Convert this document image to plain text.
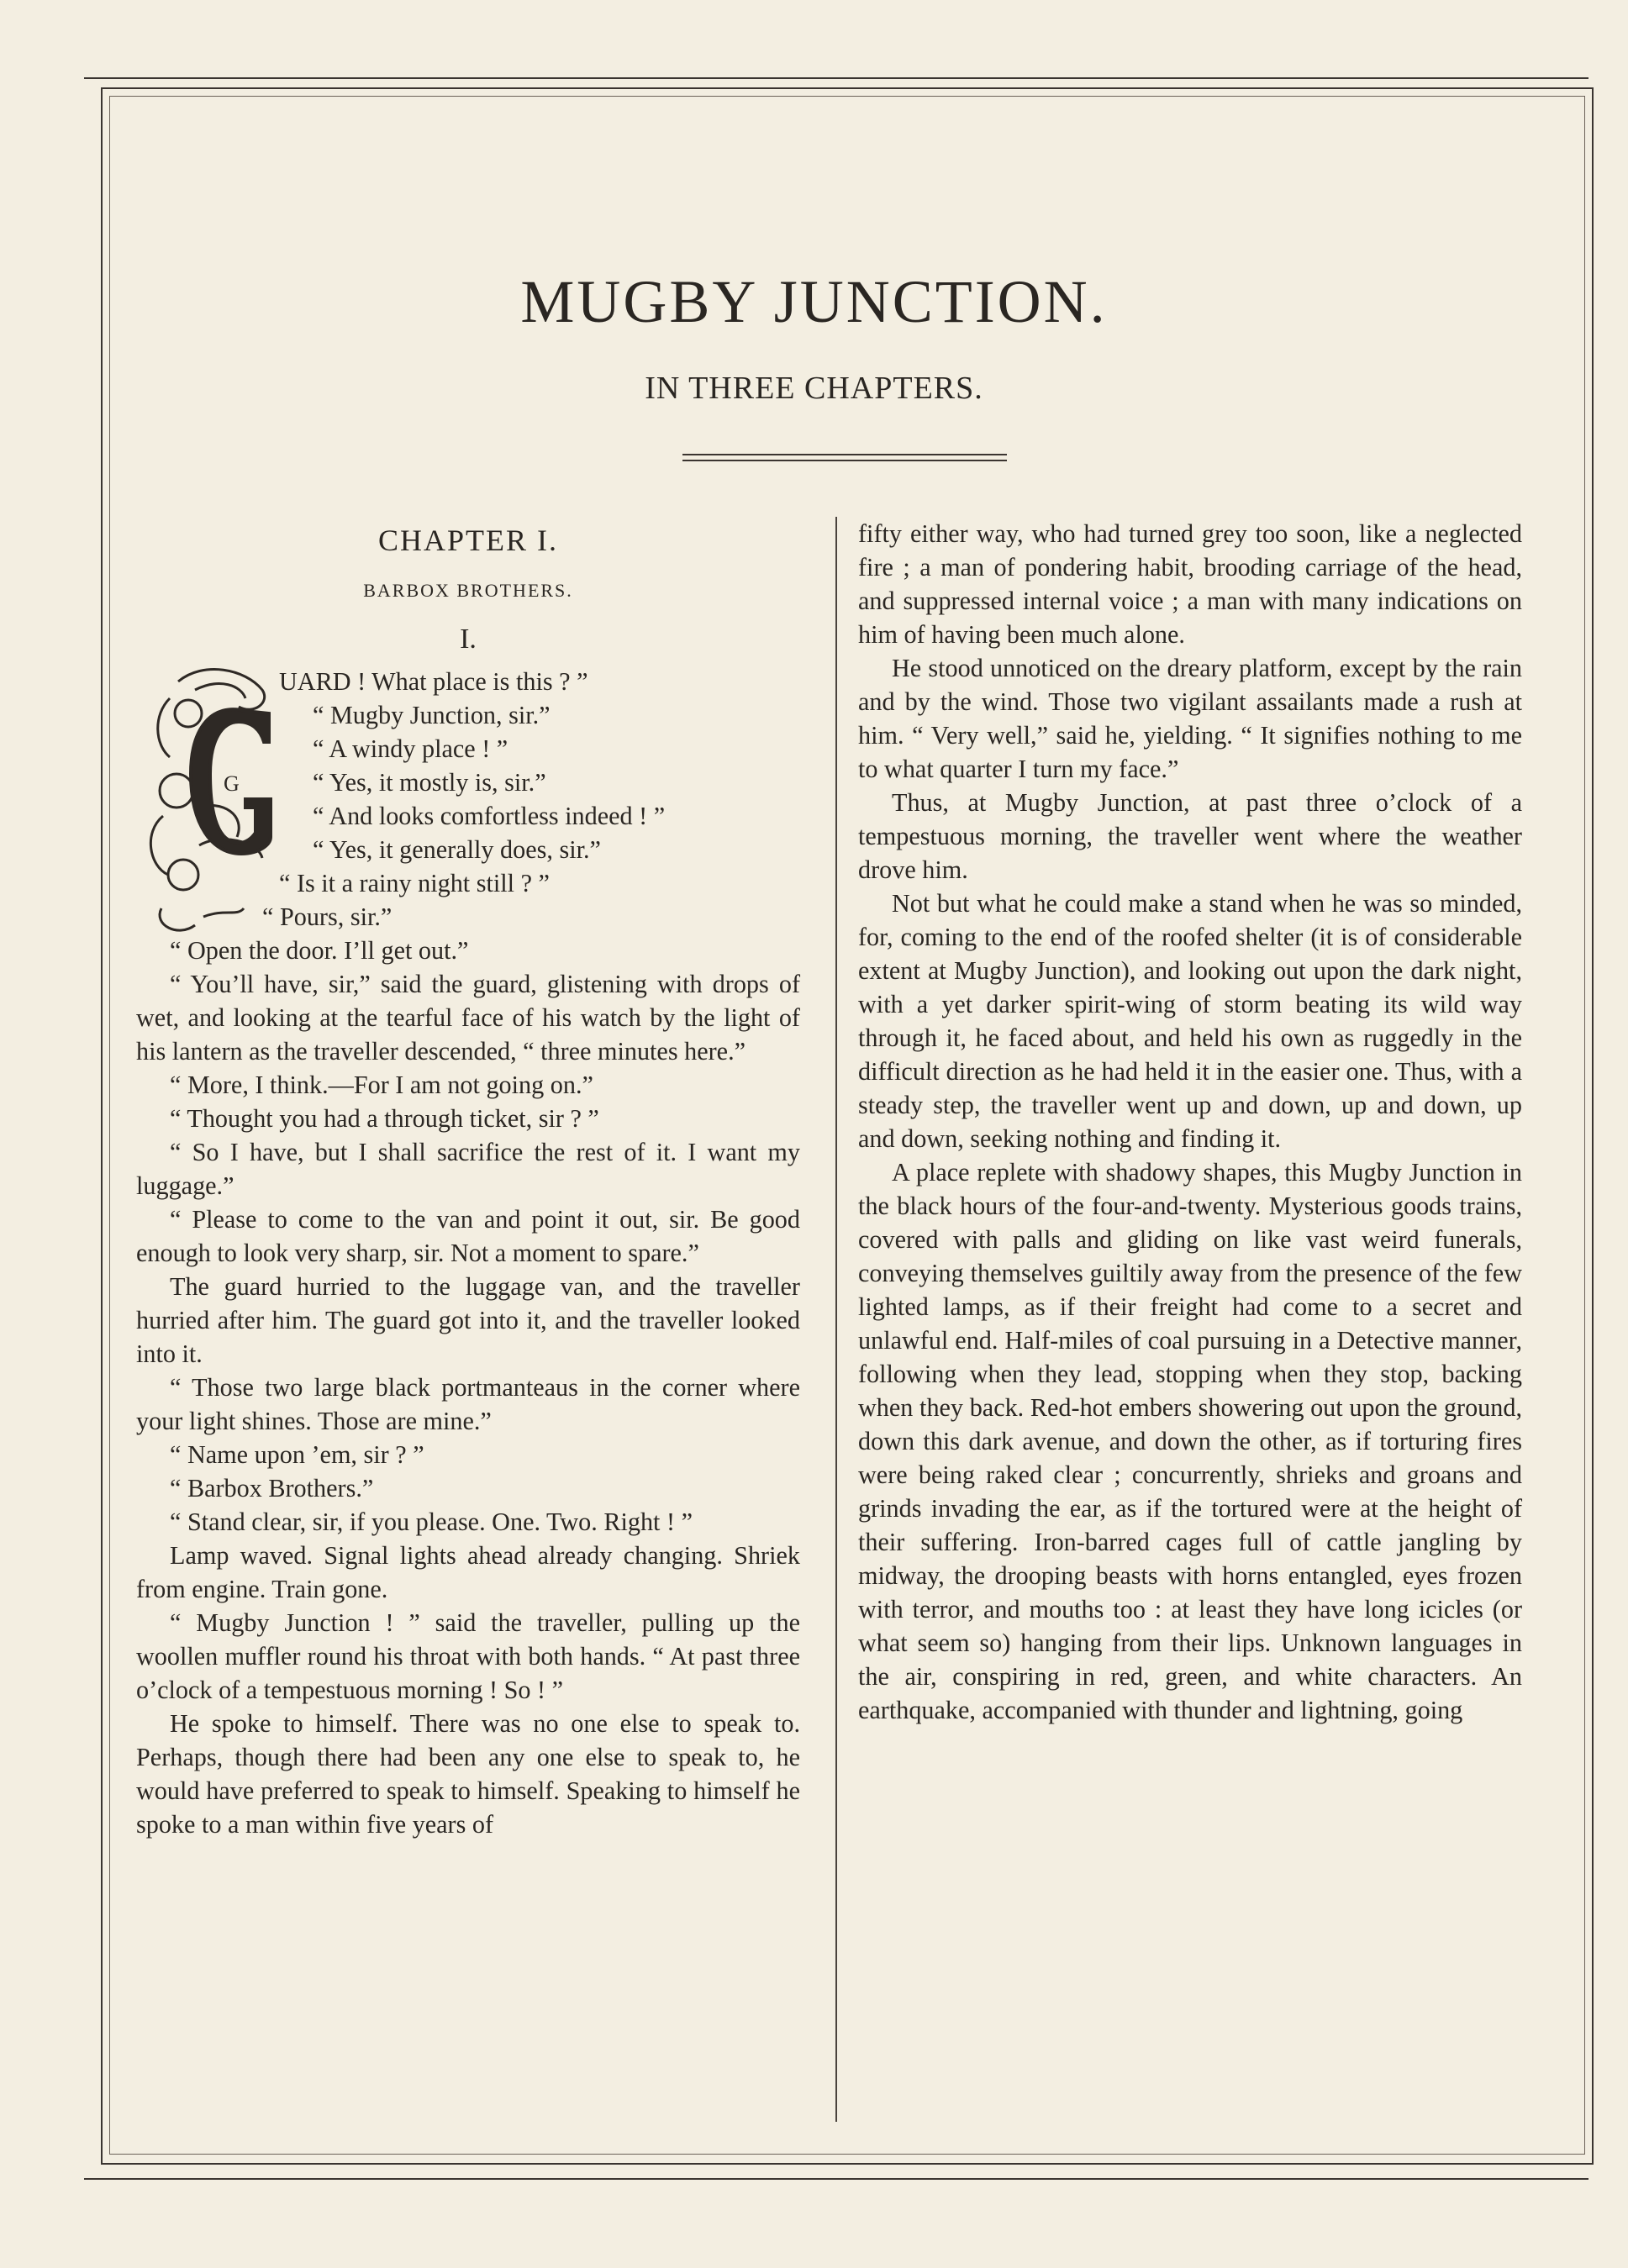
MUGBY JUNCTION.
IN THREE CHAPTERS.
CHAPTER I.
BARBOX BROTHERS.
I.
G

UARD ! What place is this ? ”

“ Mugby Junction, sir.”

“ A windy place ! ”

“ Yes, it mostly is, sir.”

“ And looks comfortless indeed ! ”

“ Yes, it generally does, sir.”

“ Is it a rainy night still ? ”

“ Pours, sir.”

“ Open the door. I’ll get out.”

“ You’ll have, sir,” said the guard, glistening with drops of wet, and looking at the tearful face of his watch by the light of his lantern as the traveller descended, “ three minutes here.”

“ More, I think.—For I am not going on.”

“ Thought you had a through ticket, sir ? ”

“ So I have, but I shall sacrifice the rest of it. I want my luggage.”

“ Please to come to the van and point it out, sir. Be good enough to look very sharp, sir. Not a moment to spare.”

The guard hurried to the luggage van, and the traveller hurried after him. The guard got into it, and the traveller looked into it.

“ Those two large black portmanteaus in the corner where your light shines. Those are mine.”

“ Name upon ’em, sir ? ”

“ Barbox Brothers.”

“ Stand clear, sir, if you please. One. Two. Right ! ”

Lamp waved. Signal lights ahead already changing. Shriek from engine. Train gone.

“ Mugby Junction ! ” said the traveller, pulling up the woollen muffler round his throat with both hands. “ At past three o’clock of a tempestuous morning ! So ! ”

He spoke to himself. There was no one else to speak to. Perhaps, though there had been any one else to speak to, he would have preferred to speak to himself. Speaking to himself he spoke to a man within five years of

fifty either way, who had turned grey too soon, like a neglected fire ; a man of pondering habit, brooding carriage of the head, and suppressed internal voice ; a man with many indications on him of having been much alone.

He stood unnoticed on the dreary platform, except by the rain and by the wind. Those two vigilant assailants made a rush at him. “ Very well,” said he, yielding. “ It signifies nothing to me to what quarter I turn my face.”

Thus, at Mugby Junction, at past three o’clock of a tempestuous morning, the traveller went where the weather drove him.

Not but what he could make a stand when he was so minded, for, coming to the end of the roofed shelter (it is of considerable extent at Mugby Junction), and looking out upon the dark night, with a yet darker spirit-wing of storm beating its wild way through it, he faced about, and held his own as ruggedly in the difficult direction as he had held it in the easier one. Thus, with a steady step, the traveller went up and down, up and down, up and down, seeking nothing and finding it.

A place replete with shadowy shapes, this Mugby Junction in the black hours of the four-and-twenty. Mysterious goods trains, covered with palls and gliding on like vast weird funerals, conveying themselves guiltily away from the presence of the few lighted lamps, as if their freight had come to a secret and unlawful end. Half-miles of coal pursuing in a Detective manner, following when they lead, stopping when they stop, backing when they back. Red-hot embers showering out upon the ground, down this dark avenue, and down the other, as if torturing fires were being raked clear ; concurrently, shrieks and groans and grinds invading the ear, as if the tortured were at the height of their suffering. Iron-barred cages full of cattle jangling by midway, the drooping beasts with horns entangled, eyes frozen with terror, and mouths too : at least they have long icicles (or what seem so) hanging from their lips. Unknown languages in the air, conspiring in red, green, and white characters. An earthquake, accompanied with thunder and lightning, going
